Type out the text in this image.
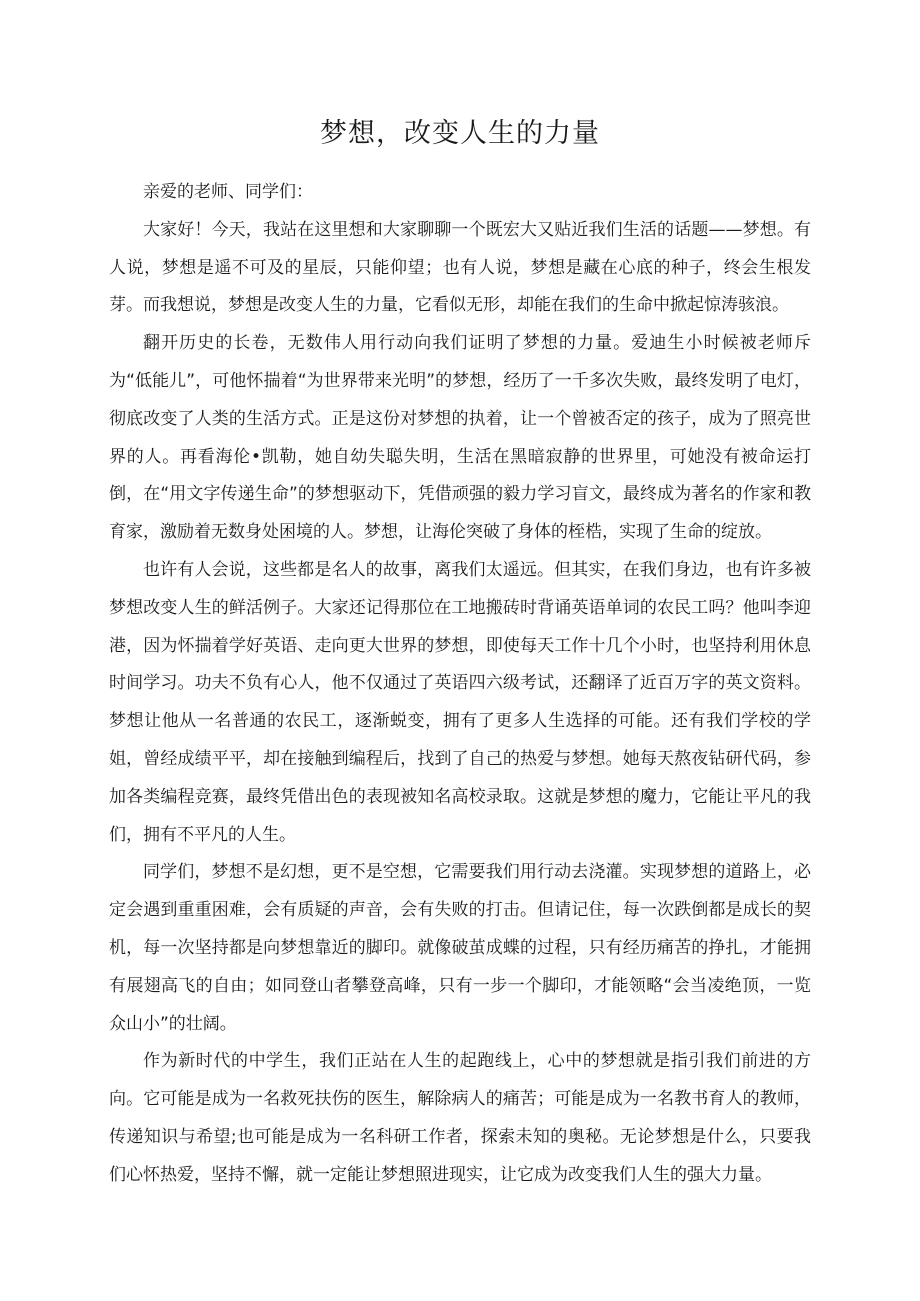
梦想，改变人生的力量

亲爱的老师、同学们：

大家好！今天，我站在这里想和大家聊聊一个既宏大又贴近我们生活的话题——梦想。有人说，梦想是遥不可及的星辰，只能仰望；也有人说，梦想是藏在心底的种子，终会生根发芽。而我想说，梦想是改变人生的力量，它看似无形，却能在我们的生命中掀起惊涛骇浪。

翻开历史的长卷，无数伟人用行动向我们证明了梦想的力量。爱迪生小时候被老师斥为“低能儿”，可他怀揣着“为世界带来光明”的梦想，经历了一千多次失败，最终发明了电灯，彻底改变了人类的生活方式。正是这份对梦想的执着，让一个曾被否定的孩子，成为了照亮世界的人。再看海伦•凯勒，她自幼失聪失明，生活在黑暗寂静的世界里，可她没有被命运打倒，在“用文字传递生命”的梦想驱动下，凭借顽强的毅力学习盲文，最终成为著名的作家和教育家，激励着无数身处困境的人。梦想，让海伦突破了身体的桎梏，实现了生命的绽放。

也许有人会说，这些都是名人的故事，离我们太遥远。但其实，在我们身边，也有许多被梦想改变人生的鲜活例子。大家还记得那位在工地搬砖时背诵英语单词的农民工吗？他叫李迎港，因为怀揣着学好英语、走向更大世界的梦想，即使每天工作十几个小时，也坚持利用休息时间学习。功夫不负有心人，他不仅通过了英语四六级考试，还翻译了近百万字的英文资料。梦想让他从一名普通的农民工，逐渐蜕变，拥有了更多人生选择的可能。还有我们学校的学姐，曾经成绩平平，却在接触到编程后，找到了自己的热爱与梦想。她每天熬夜钻研代码，参加各类编程竞赛，最终凭借出色的表现被知名高校录取。这就是梦想的魔力，它能让平凡的我们，拥有不平凡的人生。

同学们，梦想不是幻想，更不是空想，它需要我们用行动去浇灌。实现梦想的道路上，必定会遇到重重困难，会有质疑的声音，会有失败的打击。但请记住，每一次跌倒都是成长的契机，每一次坚持都是向梦想靠近的脚印。就像破茧成蝶的过程，只有经历痛苦的挣扎，才能拥有展翅高飞的自由；如同登山者攀登高峰，只有一步一个脚印，才能领略“会当凌绝顶，一览众山小”的壮阔。

作为新时代的中学生，我们正站在人生的起跑线上，心中的梦想就是指引我们前进的方向。它可能是成为一名救死扶伤的医生，解除病人的痛苦；可能是成为一名教书育人的教师，传递知识与希望;也可能是成为一名科研工作者，探索未知的奥秘。无论梦想是什么，只要我们心怀热爱，坚持不懈，就一定能让梦想照进现实，让它成为改变我们人生的强大力量。
